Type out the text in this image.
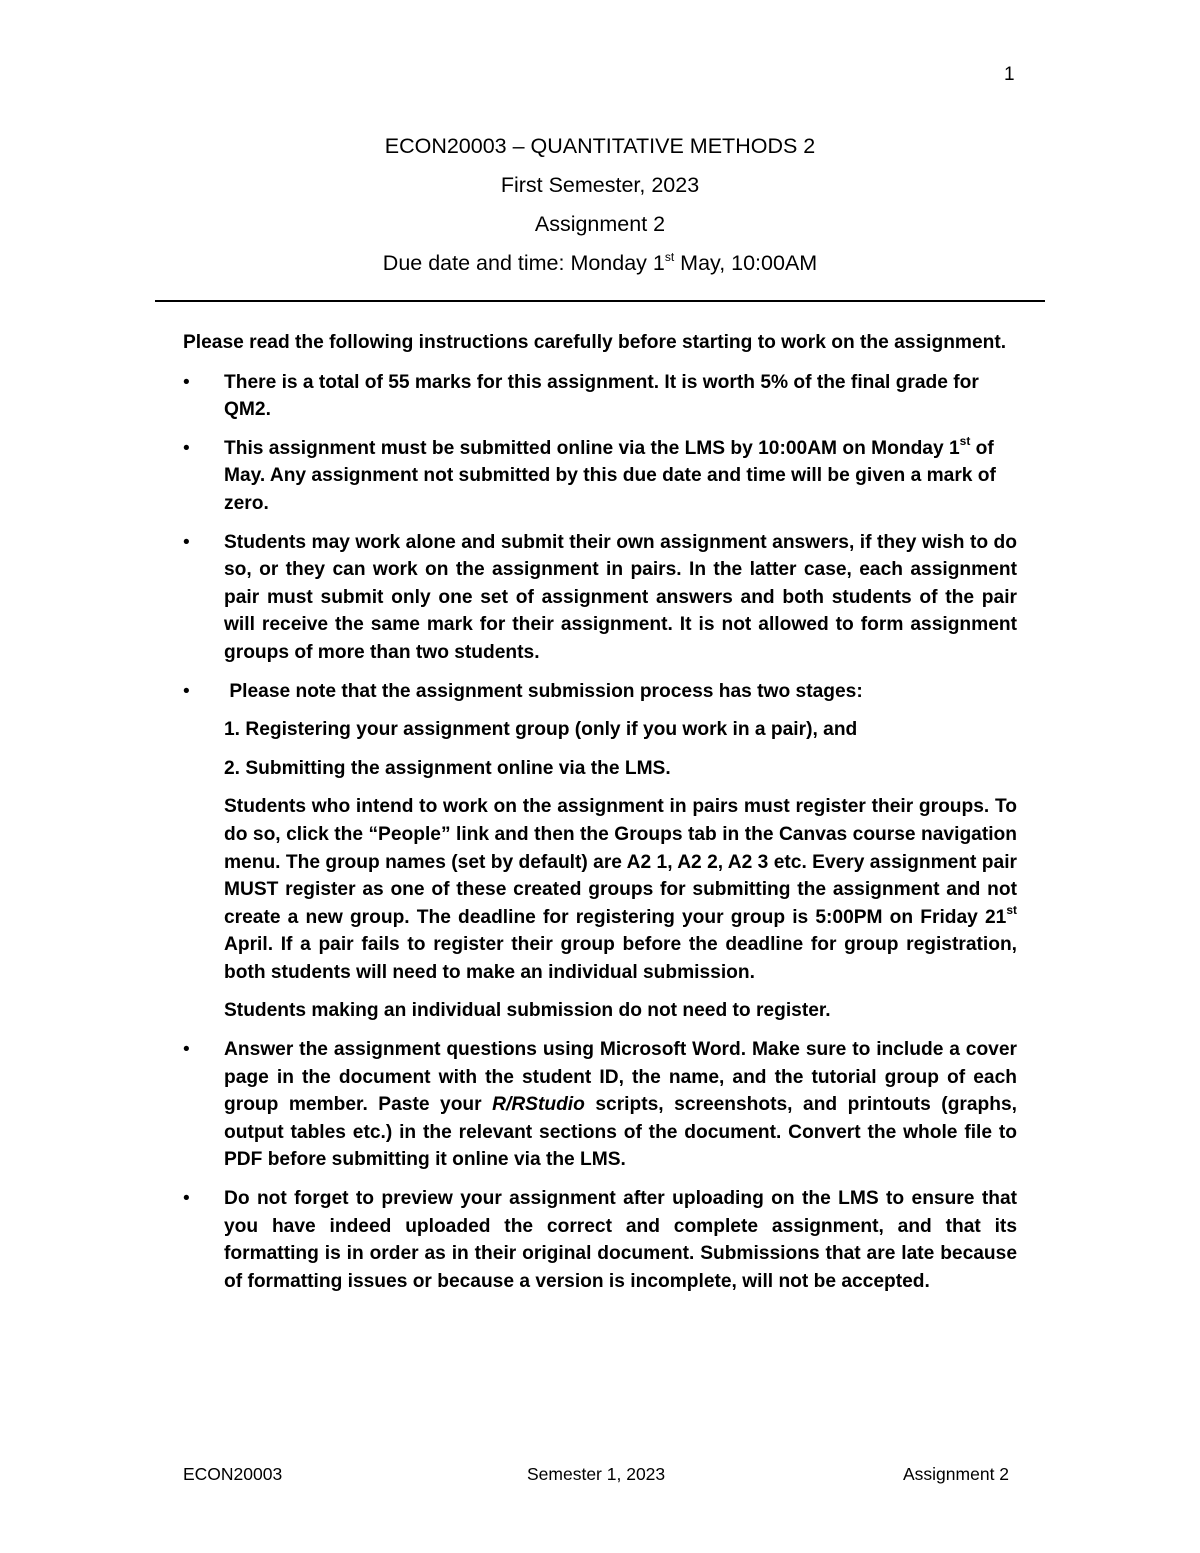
1
ECON20003 – QUANTITATIVE METHODS 2
First Semester, 2023
Assignment 2
Due date and time: Monday 1st May, 10:00AM

Please read the following instructions carefully before starting to work on the assignment.

• There is a total of 55 marks for this assignment. It is worth 5% of the final grade for QM2.

• This assignment must be submitted online via the LMS by 10:00AM on Monday 1st of May. Any assignment not submitted by this due date and time will be given a mark of zero.

• Students may work alone and submit their own assignment answers, if they wish to do so, or they can work on the assignment in pairs. In the latter case, each assignment pair must submit only one set of assignment answers and both students of the pair will receive the same mark for their assignment. It is not allowed to form assignment groups of more than two students.

• Please note that the assignment submission process has two stages:

1. Registering your assignment group (only if you work in a pair), and

2. Submitting the assignment online via the LMS.

Students who intend to work on the assignment in pairs must register their groups. To do so, click the “People” link and then the Groups tab in the Canvas course navigation menu. The group names (set by default) are A2 1, A2 2, A2 3 etc. Every assignment pair MUST register as one of these created groups for submitting the assignment and not create a new group. The deadline for registering your group is 5:00PM on Friday 21st April. If a pair fails to register their group before the deadline for group registration, both students will need to make an individual submission.

Students making an individual submission do not need to register.

• Answer the assignment questions using Microsoft Word. Make sure to include a cover page in the document with the student ID, the name, and the tutorial group of each group member. Paste your R/RStudio scripts, screenshots, and printouts (graphs, output tables etc.) in the relevant sections of the document. Convert the whole file to PDF before submitting it online via the LMS.

• Do not forget to preview your assignment after uploading on the LMS to ensure that you have indeed uploaded the correct and complete assignment, and that its formatting is in order as in their original document. Submissions that are late because of formatting issues or because a version is incomplete, will not be accepted.

ECON20003	Semester 1, 2023	Assignment 2
